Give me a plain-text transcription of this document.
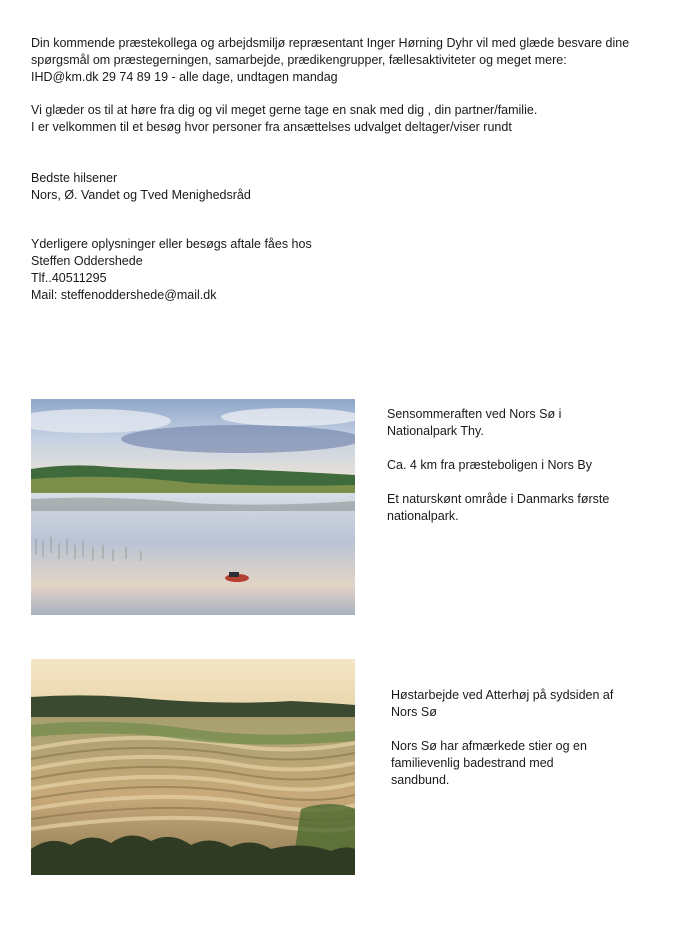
Din kommende præstekollega og arbejdsmiljø repræsentant Inger Hørning Dyhr vil med glæde besvare dine

spørgsmål om præstegerningen, samarbejde, prædikengrupper, fællesaktiviteter og meget mere:

IHD@km.dk 29 74 89 19 - alle dage, undtagen mandag

Vi glæder os til at høre fra dig og vil meget gerne tage en snak med dig , din partner/familie.

I er velkommen til et besøg hvor personer fra ansættelses udvalget deltager/viser rundt

Bedste hilsener

Nors, Ø. Vandet og Tved Menighedsråd

Yderligere oplysninger eller besøgs aftale fåes hos

Steffen Oddershede

Tlf..40511295

Mail: steffenoddershede@mail.dk

Sensommeraften ved Nors Sø i

Nationalpark Thy.

Ca. 4 km fra præsteboligen i Nors By

Et naturskønt område i Danmarks første

nationalpark.

Høstarbejde ved Atterhøj på sydsiden af

Nors Sø

Nors Sø har afmærkede stier og en

familievenlig badestrand med

sandbund.
